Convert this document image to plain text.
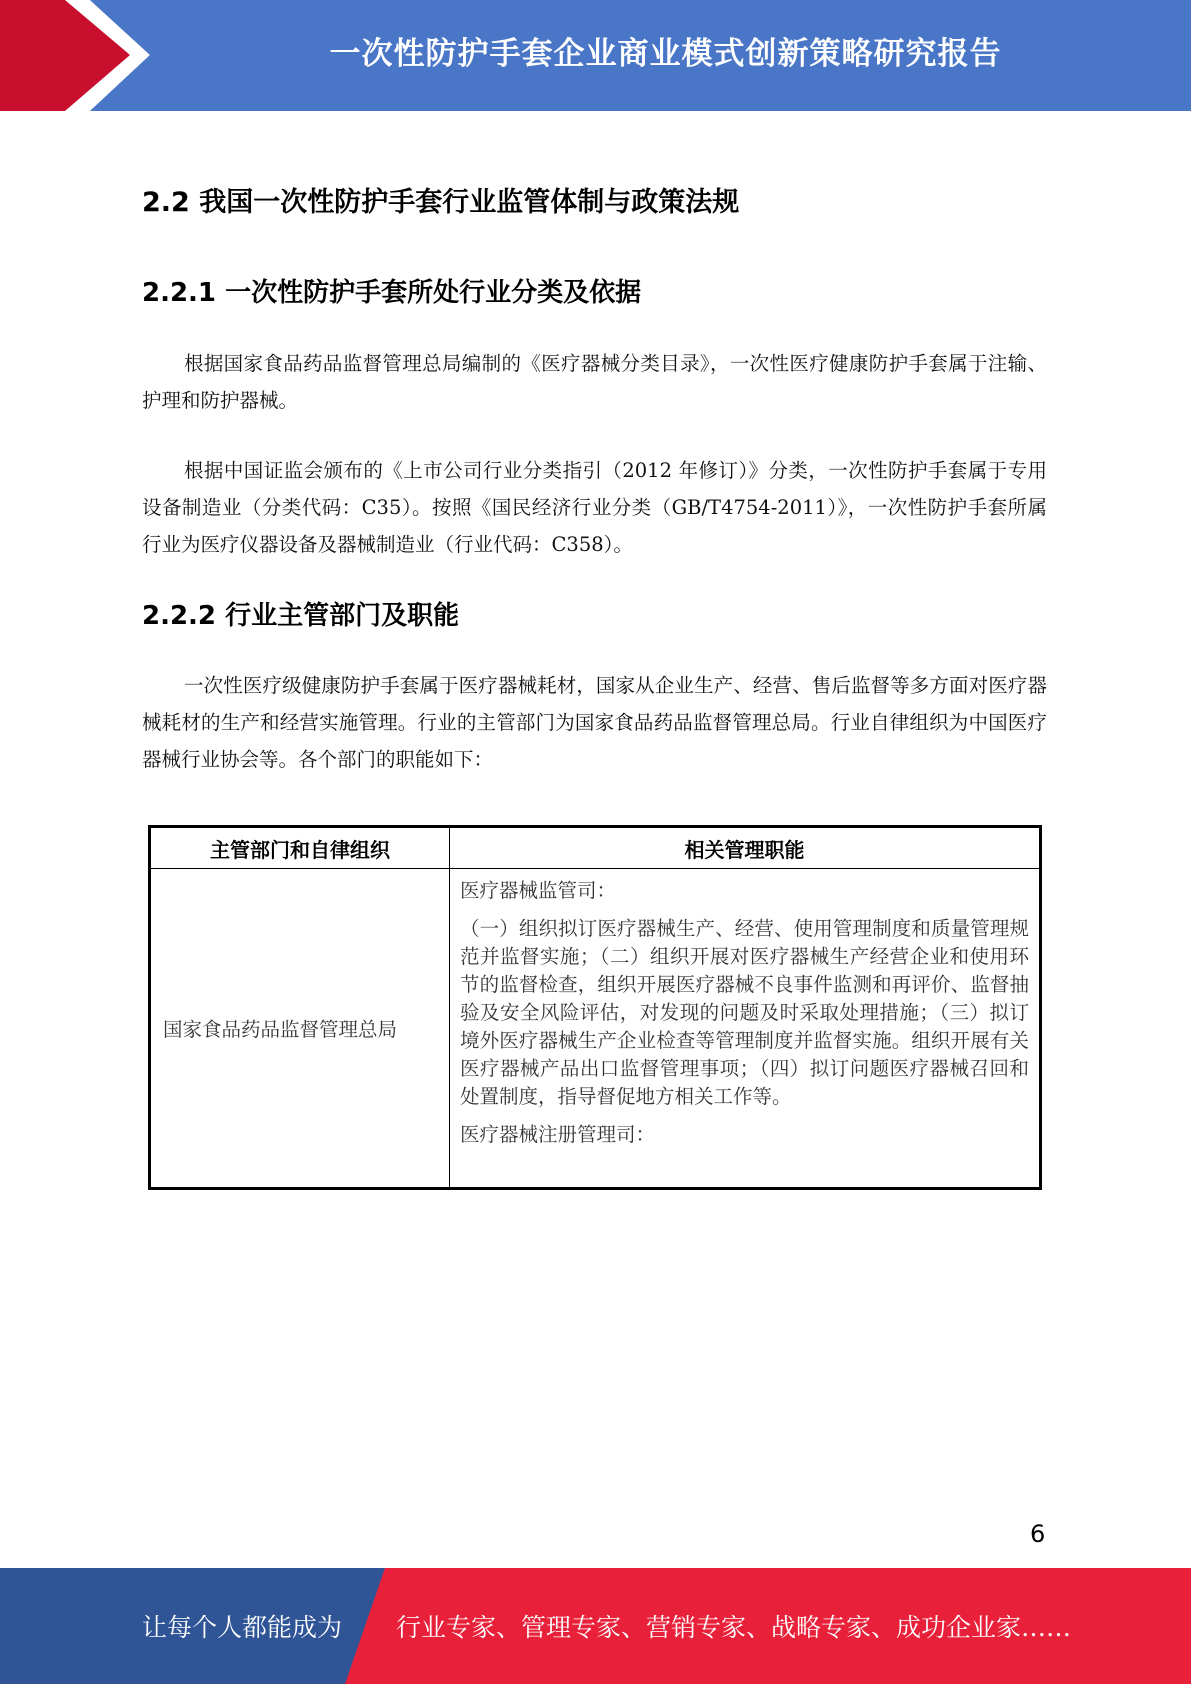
一次性防护手套企业商业模式创新策略研究报告
2.2 我国一次性防护手套行业监管体制与政策法规
2.2.1 一次性防护手套所处行业分类及依据

根据国家食品药品监督管理总局编制的《医疗器械分类目录》，一次性医疗健康防护手套属于注输、护理和防护器械。

根据中国证监会颁布的《上市公司行业分类指引（2012 年修订）》分类，一次性防护手套属于专用设备制造业（分类代码：C35）。按照《国民经济行业分类（GB/T4754-2011）》，一次性防护手套所属行业为医疗仪器设备及器械制造业（行业代码：C358）。

2.2.2 行业主管部门及职能

一次性医疗级健康防护手套属于医疗器械耗材，国家从企业生产、经营、售后监督等多方面对医疗器械耗材的生产和经营实施管理。行业的主管部门为国家食品药品监督管理总局。行业自律组织为中国医疗器械行业协会等。各个部门的职能如下：

主管部门和自律组织	相关管理职能
国家食品药品监督管理总局	医疗器械监管司：
（一）组织拟订医疗器械生产、经营、使用管理制度和质量管理规范并监督实施；（二）组织开展对医疗器械生产经营企业和使用环节的监督检查，组织开展医疗器械不良事件监测和再评价、监督抽验及安全风险评估，对发现的问题及时采取处理措施；（三）拟订境外医疗器械生产企业检查等管理制度并监督实施。组织开展有关医疗器械产品出口监督管理事项；（四）拟订问题医疗器械召回和处置制度，指导督促地方相关工作等。
医疗器械注册管理司：
6
让每个人都能成为 行业专家、管理专家、营销专家、战略专家、成功企业家……
